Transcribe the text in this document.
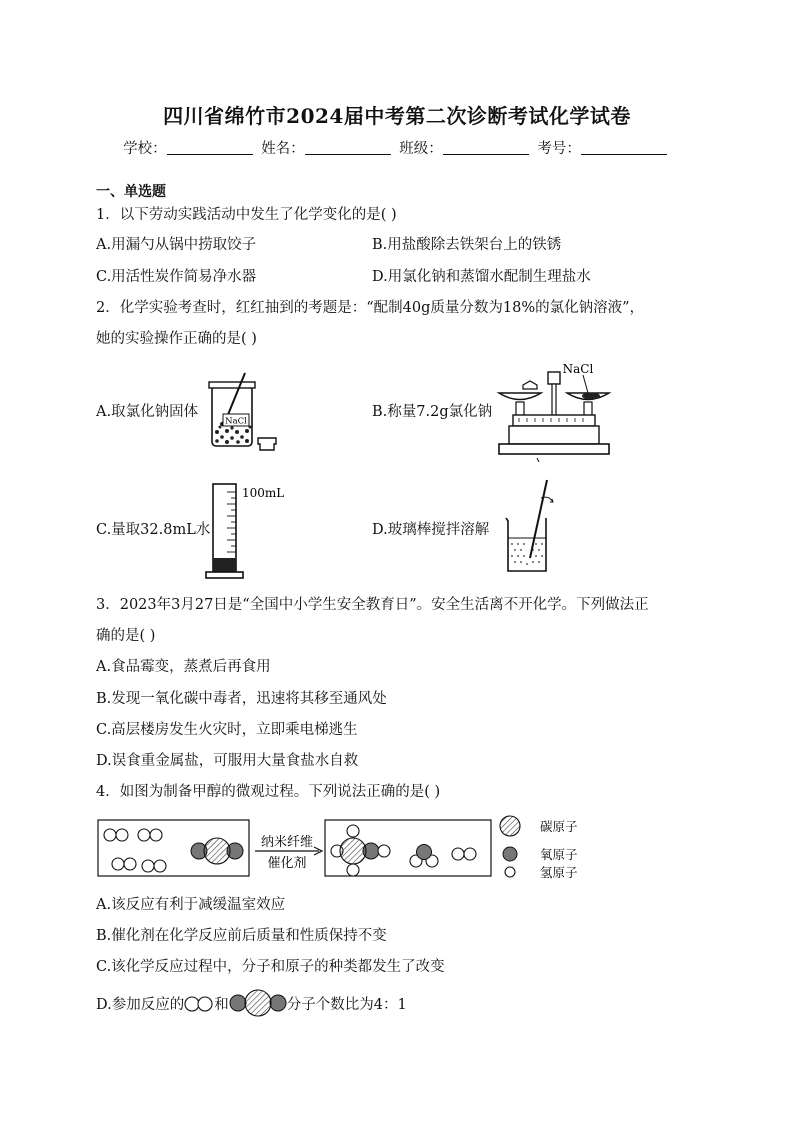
四川省绵竹市2024届中考第二次诊断考试化学试卷
学校：	姓名：	班级：	考号：
一、单选题
1．以下劳动实践活动中发生了化学变化的是( )
A.用漏勺从锅中捞取饺子	B.用盐酸除去铁架台上的铁锈
C.用活性炭作简易净水器	D.用氯化钠和蒸馏水配制生理盐水
2．化学实验考查时，红红抽到的考题是：“配制40g质量分数为18%的氯化钠溶液”，
她的实验操作正确的是( )
A.取氯化钠固体
NaCl
B.称量7.2g氯化钠
NaCl
C.量取32.8mL水
100mL
D.玻璃棒搅拌溶解
3．2023年3月27日是“全国中小学生安全教育日”。安全生活离不开化学。下列做法正
确的是( )
A.食品霉变，蒸煮后再食用
B.发现一氧化碳中毒者，迅速将其移至通风处
C.高层楼房发生火灾时，立即乘电梯逃生
D.误食重金属盐，可服用大量食盐水自救
4．如图为制备甲醇的微观过程。下列说法正确的是( )
纳米纤维
催化剂
碳原子
氧原子
氢原子
A.该反应有利于减缓温室效应
B.催化剂在化学反应前后质量和性质保持不变
C.该化学反应过程中，分子和原子的种类都发生了改变
D.参加反应的 和	分子个数比为4：1
